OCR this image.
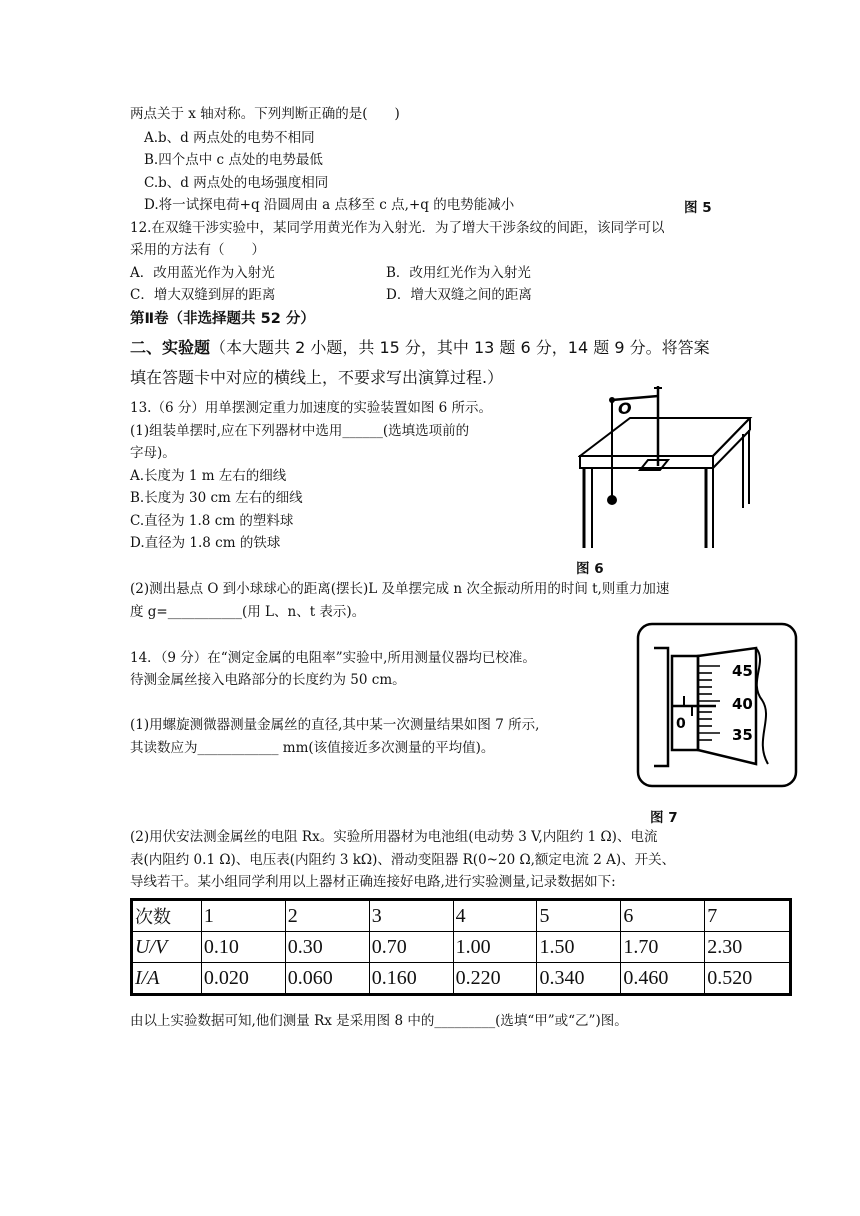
两点关于 x 轴对称。下列判断正确的是(　　)
A.b、d 两点处的电势不相同
B.四个点中 c 点处的电势最低
C.b、d 两点处的电场强度相同
D.将一试探电荷+q 沿圆周由 a 点移至 c 点,+q 的电势能减小	图 5
12.在双缝干涉实验中，某同学用黄光作为入射光．为了增大干涉条纹的间距，该同学可以
采用的方法有（　　）
A．改用蓝光作为入射光	B．改用红光作为入射光
C．增大双缝到屏的距离	D．增大双缝之间的距离
第Ⅱ卷（非选择题共 52 分）
二、实验题（本大题共 2 小题，共 15 分，其中 13 题 6 分，14 题 9 分。将答案
填在答题卡中对应的横线上，不要求写出演算过程.）
13.（6 分）用单摆测定重力加速度的实验装置如图 6 所示。
(1)组装单摆时,应在下列器材中选用______(选填选项前的
字母)。
A.长度为 1 m 左右的细线
B.长度为 30 cm 左右的细线
C.直径为 1.8 cm 的塑料球
D.直径为 1.8 cm 的铁球
O
图 6
(2)测出悬点 O 到小球球心的距离(摆长)L 及单摆完成 n 次全振动所用的时间 t,则重力加速
度 g=___________(用 L、n、t 表示)。
14．（9 分）在“测定金属的电阻率”实验中,所用测量仪器均已校准。
待测金属丝接入电路部分的长度约为 50 cm。
(1)用螺旋测微器测量金属丝的直径,其中某一次测量结果如图 7 所示,
其读数应为____________ mm(该值接近多次测量的平均值)。
45
40
35
0
图 7
(2)用伏安法测金属丝的电阻 Rx。实验所用器材为电池组(电动势 3 V,内阻约 1 Ω)、电流
表(内阻约 0.1 Ω)、电压表(内阻约 3 kΩ)、滑动变阻器 R(0~20 Ω,额定电流 2 A)、开关、
导线若干。某小组同学利用以上器材正确连接好电路,进行实验测量,记录数据如下:
次数	1	2	3	4	5	6	7
U/V	0.10	0.30	0.70	1.00	1.50	1.70	2.30
I/A	0.020	0.060	0.160	0.220	0.340	0.460	0.520
由以上实验数据可知,他们测量 Rx 是采用图 8 中的_________(选填“甲”或“乙”)图。
